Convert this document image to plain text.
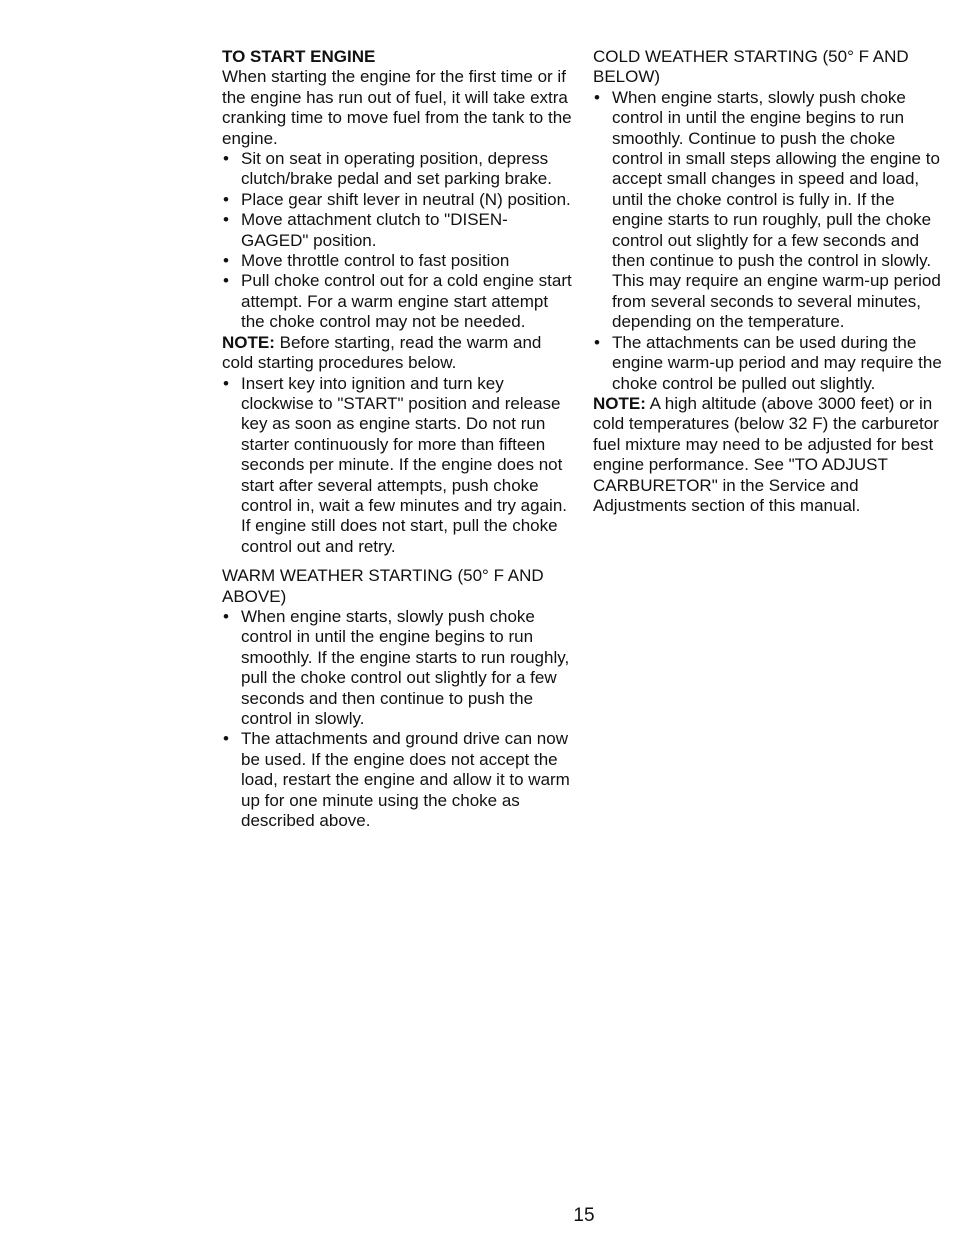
TO START ENGINE

When starting the engine for the first time or if the engine has run out of fuel, it will take extra cranking time to move fuel from the tank to the engine.

• Sit on seat in operating position, depress clutch/brake pedal and set parking brake.
• Place gear shift lever in neutral (N) position.
• Move attachment clutch to "DISEN-GAGED" position.
• Move throttle control to fast position
• Pull choke control out for a cold engine start attempt. For a warm engine start attempt the choke control may not be needed.

NOTE: Before starting, read the warm and cold starting procedures below.

• Insert key into ignition and turn key clockwise to "START" position and release key as soon as engine starts. Do not run starter continuously for more than fifteen seconds per minute. If the engine does not start after several attempts, push choke control in, wait a few minutes and try again. If engine still does not start, pull the choke control out and retry.

WARM WEATHER STARTING (50° F AND ABOVE)

• When engine starts, slowly push choke control in until the engine begins to run smoothly. If the engine starts to run roughly, pull the choke control out slightly for a few seconds and then continue to push the control in slowly.
• The attachments and ground drive can now be used. If the engine does not accept the load, restart the engine and allow it to warm up for one minute using the choke as described above.

COLD WEATHER STARTING (50° F AND BELOW)

• When engine starts, slowly push choke control in until the engine begins to run smoothly. Continue to push the choke control in small steps allowing the engine to accept small changes in speed and load, until the choke control is fully in. If the engine starts to run roughly, pull the choke control out slightly for a few seconds and then continue to push the control in slowly. This may require an engine warm-up period from several seconds to several minutes, depending on the temperature.
• The attachments can be used during the engine warm-up period and may require the choke control be pulled out slightly.

NOTE: A high altitude (above 3000 feet) or in cold temperatures (below 32 F) the carburetor fuel mixture may need to be adjusted for best engine performance. See "TO ADJUST CARBURETOR" in the Service and Adjustments section of this manual.

15
